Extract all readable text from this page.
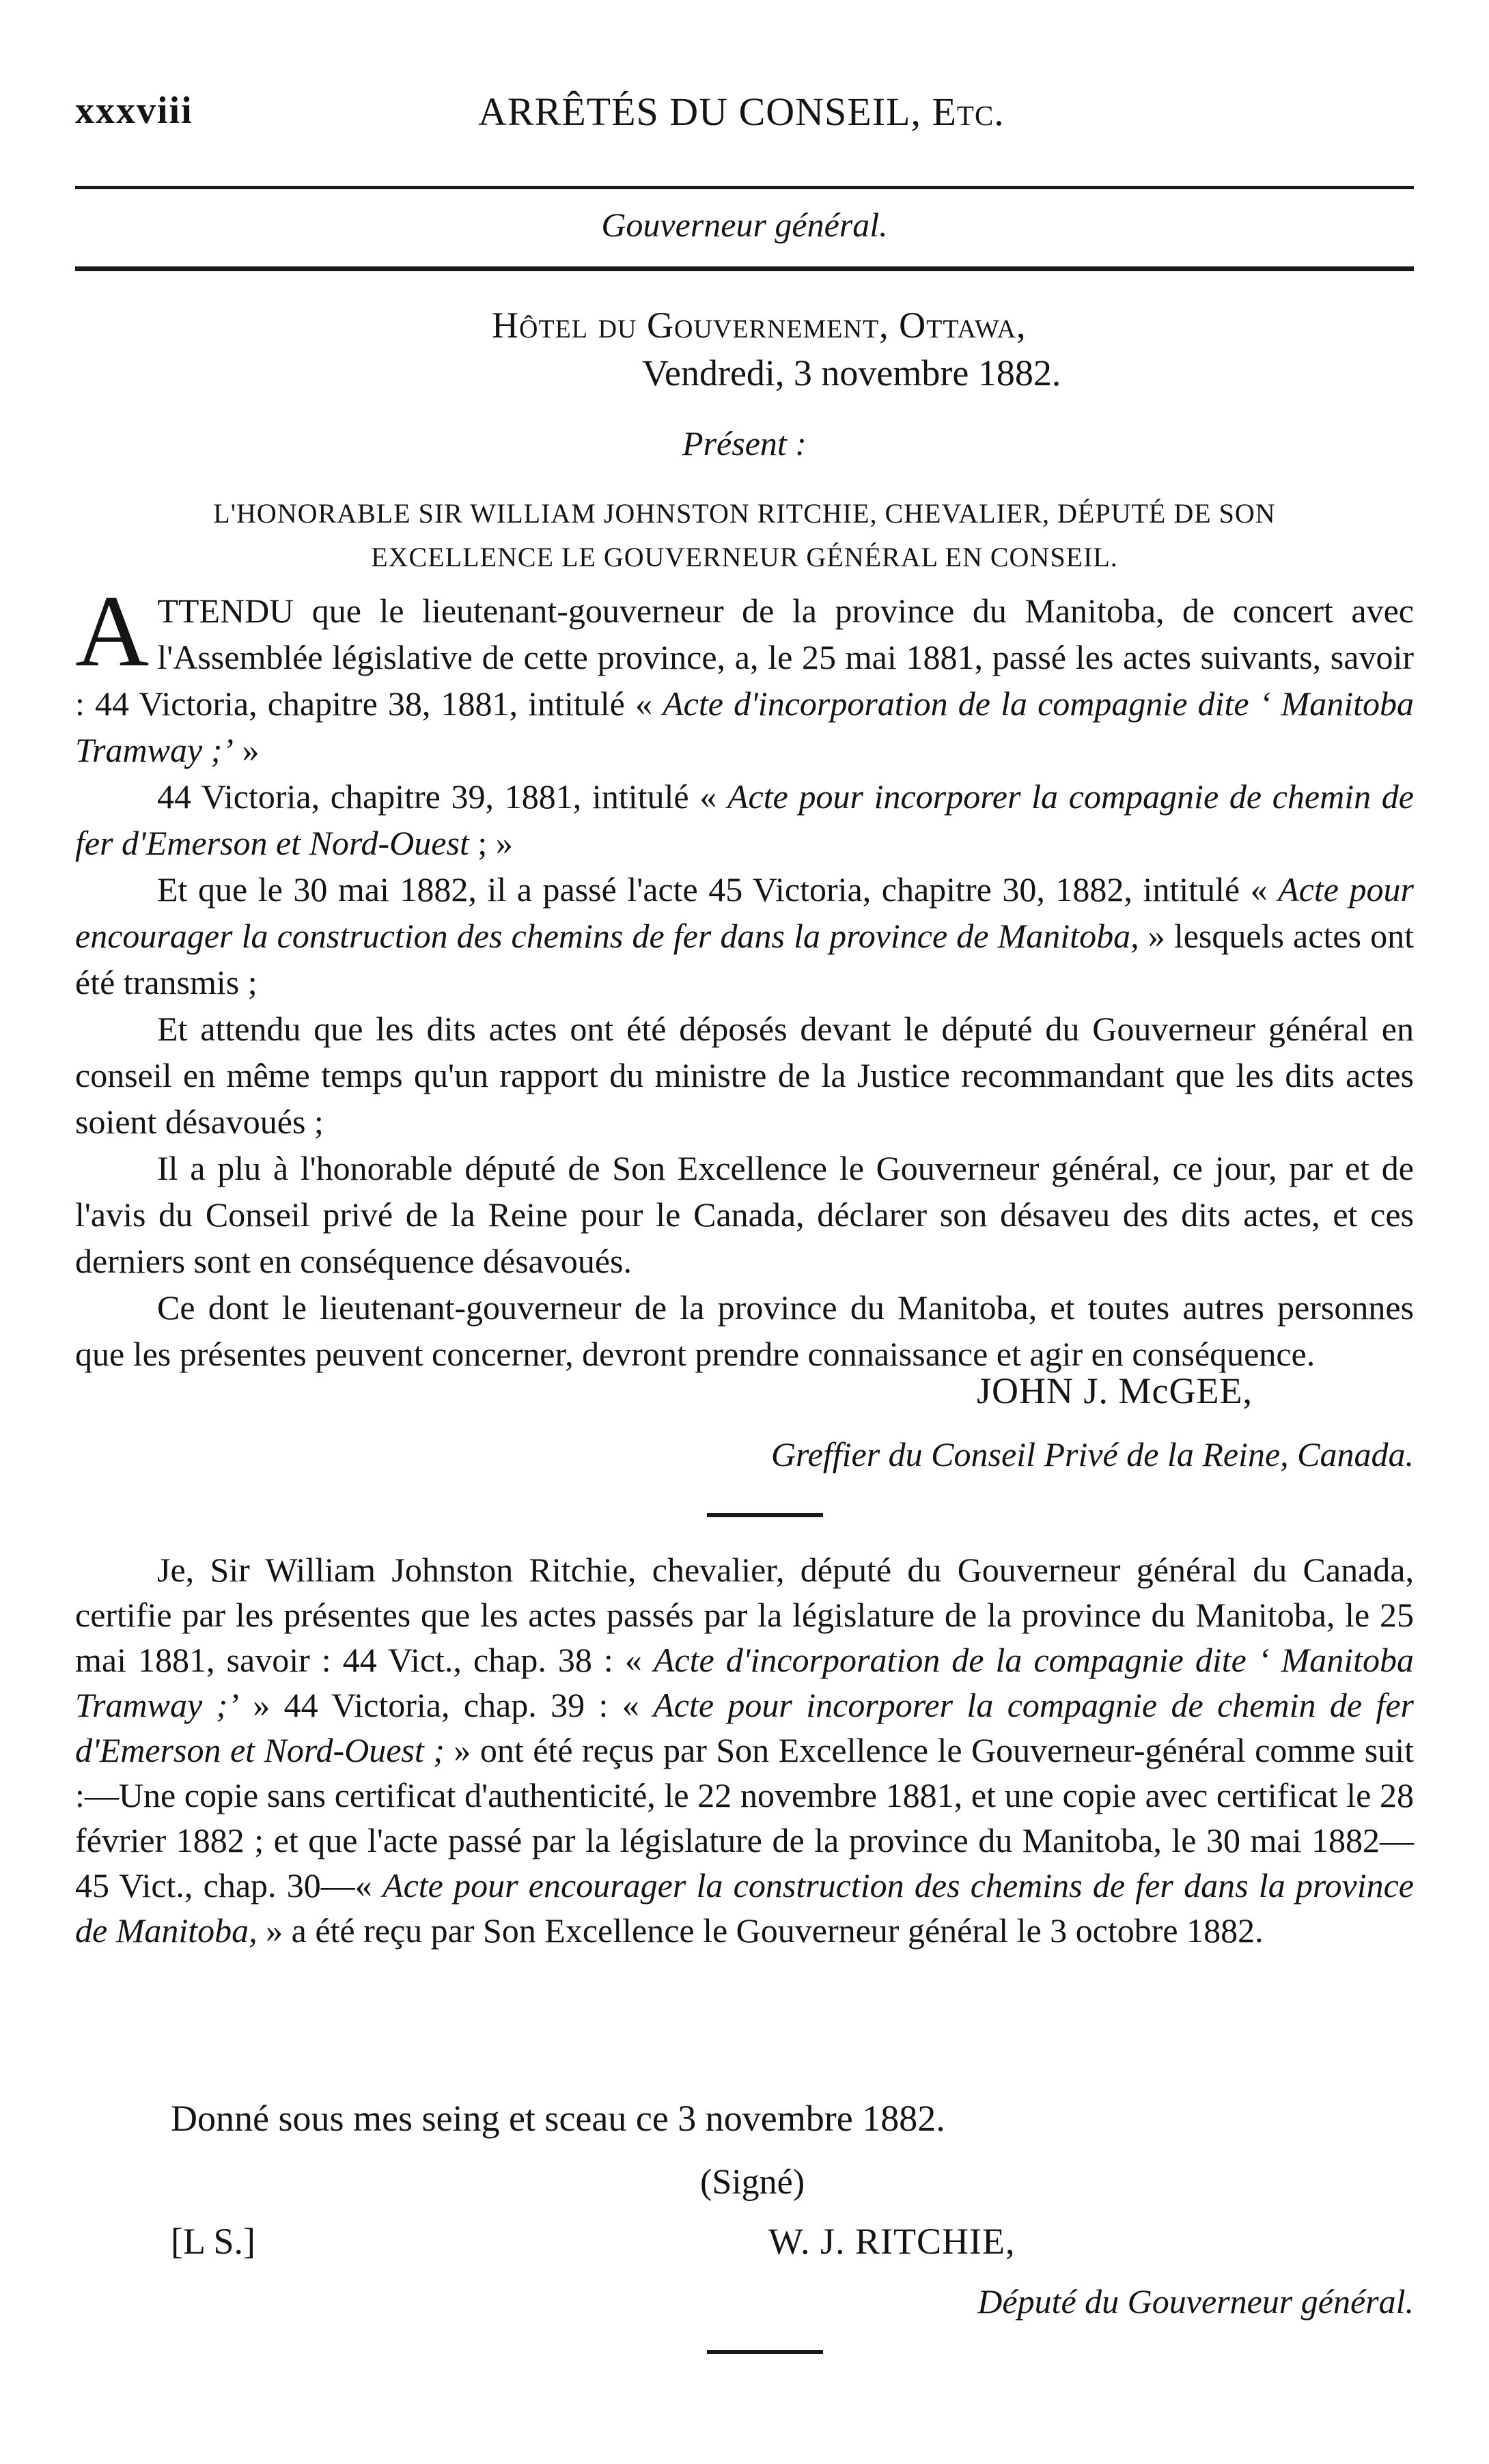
xxxviii	ARRÊTÉS DU CONSEIL, Etc.
Gouverneur général.
Hôtel du Gouvernement, Ottawa,
Vendredi, 3 novembre 1882.
Présent :
L'HONORABLE SIR WILLIAM JOHNSTON RITCHIE, CHEVALIER, DÉPUTÉ DE SON
EXCELLENCE LE GOUVERNEUR GÉNÉRAL EN CONSEIL.

ATTENDU que le lieutenant-gouverneur de la province du Manitoba, de concert avec l'Assemblée législative de cette province, a, le 25 mai 1881, passé les actes suivants, savoir : 44 Victoria, chapitre 38, 1881, intitulé « Acte d'incorporation de la compagnie dite ‘ Manitoba Tramway ;’ »

44 Victoria, chapitre 39, 1881, intitulé « Acte pour incorporer la compagnie de chemin de fer d'Emerson et Nord-Ouest ; »

Et que le 30 mai 1882, il a passé l'acte 45 Victoria, chapitre 30, 1882, intitulé « Acte pour encourager la construction des chemins de fer dans la province de Manitoba, » lesquels actes ont été transmis ;

Et attendu que les dits actes ont été déposés devant le député du Gouverneur général en conseil en même temps qu'un rapport du ministre de la Justice recommandant que les dits actes soient désavoués ;

Il a plu à l'honorable député de Son Excellence le Gouverneur général, ce jour, par et de l'avis du Conseil privé de la Reine pour le Canada, déclarer son désaveu des dits actes, et ces derniers sont en conséquence désavoués.

Ce dont le lieutenant-gouverneur de la province du Manitoba, et toutes autres personnes que les présentes peuvent concerner, devront prendre connaissance et agir en conséquence.

JOHN J. McGEE,
Greffier du Conseil Privé de la Reine, Canada.

Je, Sir William Johnston Ritchie, chevalier, député du Gouverneur général du Canada, certifie par les présentes que les actes passés par la législature de la province du Manitoba, le 25 mai 1881, savoir : 44 Vict., chap. 38 : « Acte d'incorporation de la compagnie dite ‘ Manitoba Tramway ;’ » 44 Victoria, chap. 39 : « Acte pour incorporer la compagnie de chemin de fer d'Emerson et Nord-Ouest ; » ont été reçus par Son Excellence le Gouverneur-général comme suit :—Une copie sans certificat d'authenticité, le 22 novembre 1881, et une copie avec certificat le 28 février 1882 ; et que l'acte passé par la législature de la province du Manitoba, le 30 mai 1882—45 Vict., chap. 30—« Acte pour encourager la construction des chemins de fer dans la province de Manitoba, » a été reçu par Son Excellence le Gouverneur général le 3 octobre 1882.

Donné sous mes seing et sceau ce 3 novembre 1882.
(Signé)
[L S.]	W. J. RITCHIE,
Député du Gouverneur général.
